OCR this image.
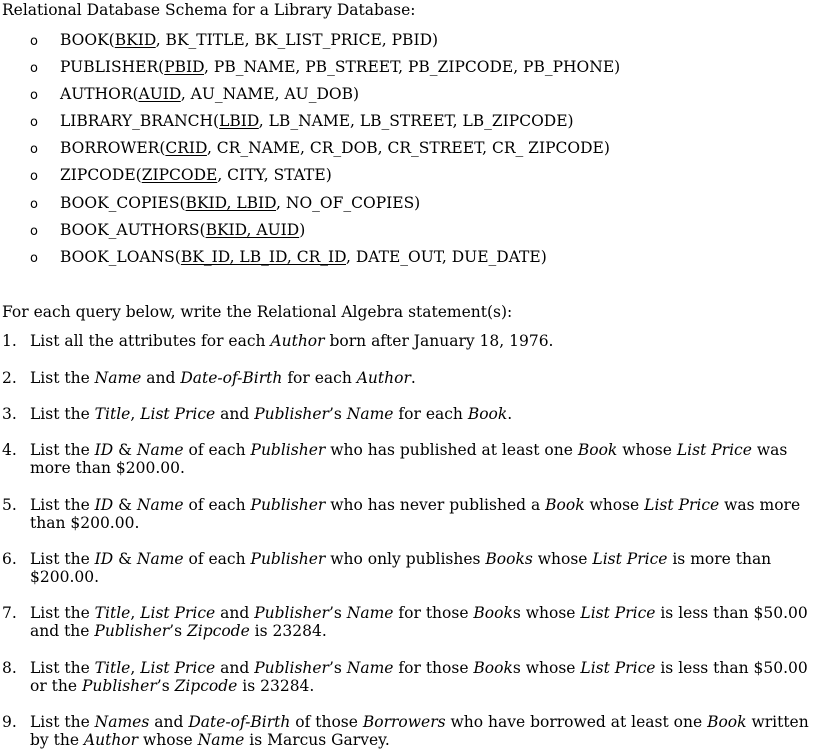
Relational Database Schema for a Library Database:
o BOOK(BKID, BK_TITLE, BK_LIST_PRICE, PBID)
o PUBLISHER(PBID, PB_NAME, PB_STREET, PB_ZIPCODE, PB_PHONE)
o AUTHOR(AUID, AU_NAME, AU_DOB)
o LIBRARY_BRANCH(LBID, LB_NAME, LB_STREET, LB_ZIPCODE)
o BORROWER(CRID, CR_NAME, CR_DOB, CR_STREET, CR_ ZIPCODE)
o ZIPCODE(ZIPCODE, CITY, STATE)
o BOOK_COPIES(BKID, LBID, NO_OF_COPIES)
o BOOK_AUTHORS(BKID, AUID)
o BOOK_LOANS(BK_ID, LB_ID, CR_ID, DATE_OUT, DUE_DATE)
For each query below, write the Relational Algebra statement(s):
1. List all the attributes for each Author born after January 18, 1976.
2. List the Name and Date-of-Birth for each Author.
3. List the Title, List Price and Publisher’s Name for each Book.
4. List the ID & Name of each Publisher who has published at least one Book whose List Price was more than $200.00.
5. List the ID & Name of each Publisher who has never published a Book whose List Price was more than $200.00.
6. List the ID & Name of each Publisher who only publishes Books whose List Price is more than $200.00.
7. List the Title, List Price and Publisher’s Name for those Books whose List Price is less than $50.00 and the Publisher’s Zipcode is 23284.
8. List the Title, List Price and Publisher’s Name for those Books whose List Price is less than $50.00 or the Publisher’s Zipcode is 23284.
9. List the Names and Date-of-Birth of those Borrowers who have borrowed at least one Book written by the Author whose Name is Marcus Garvey.
